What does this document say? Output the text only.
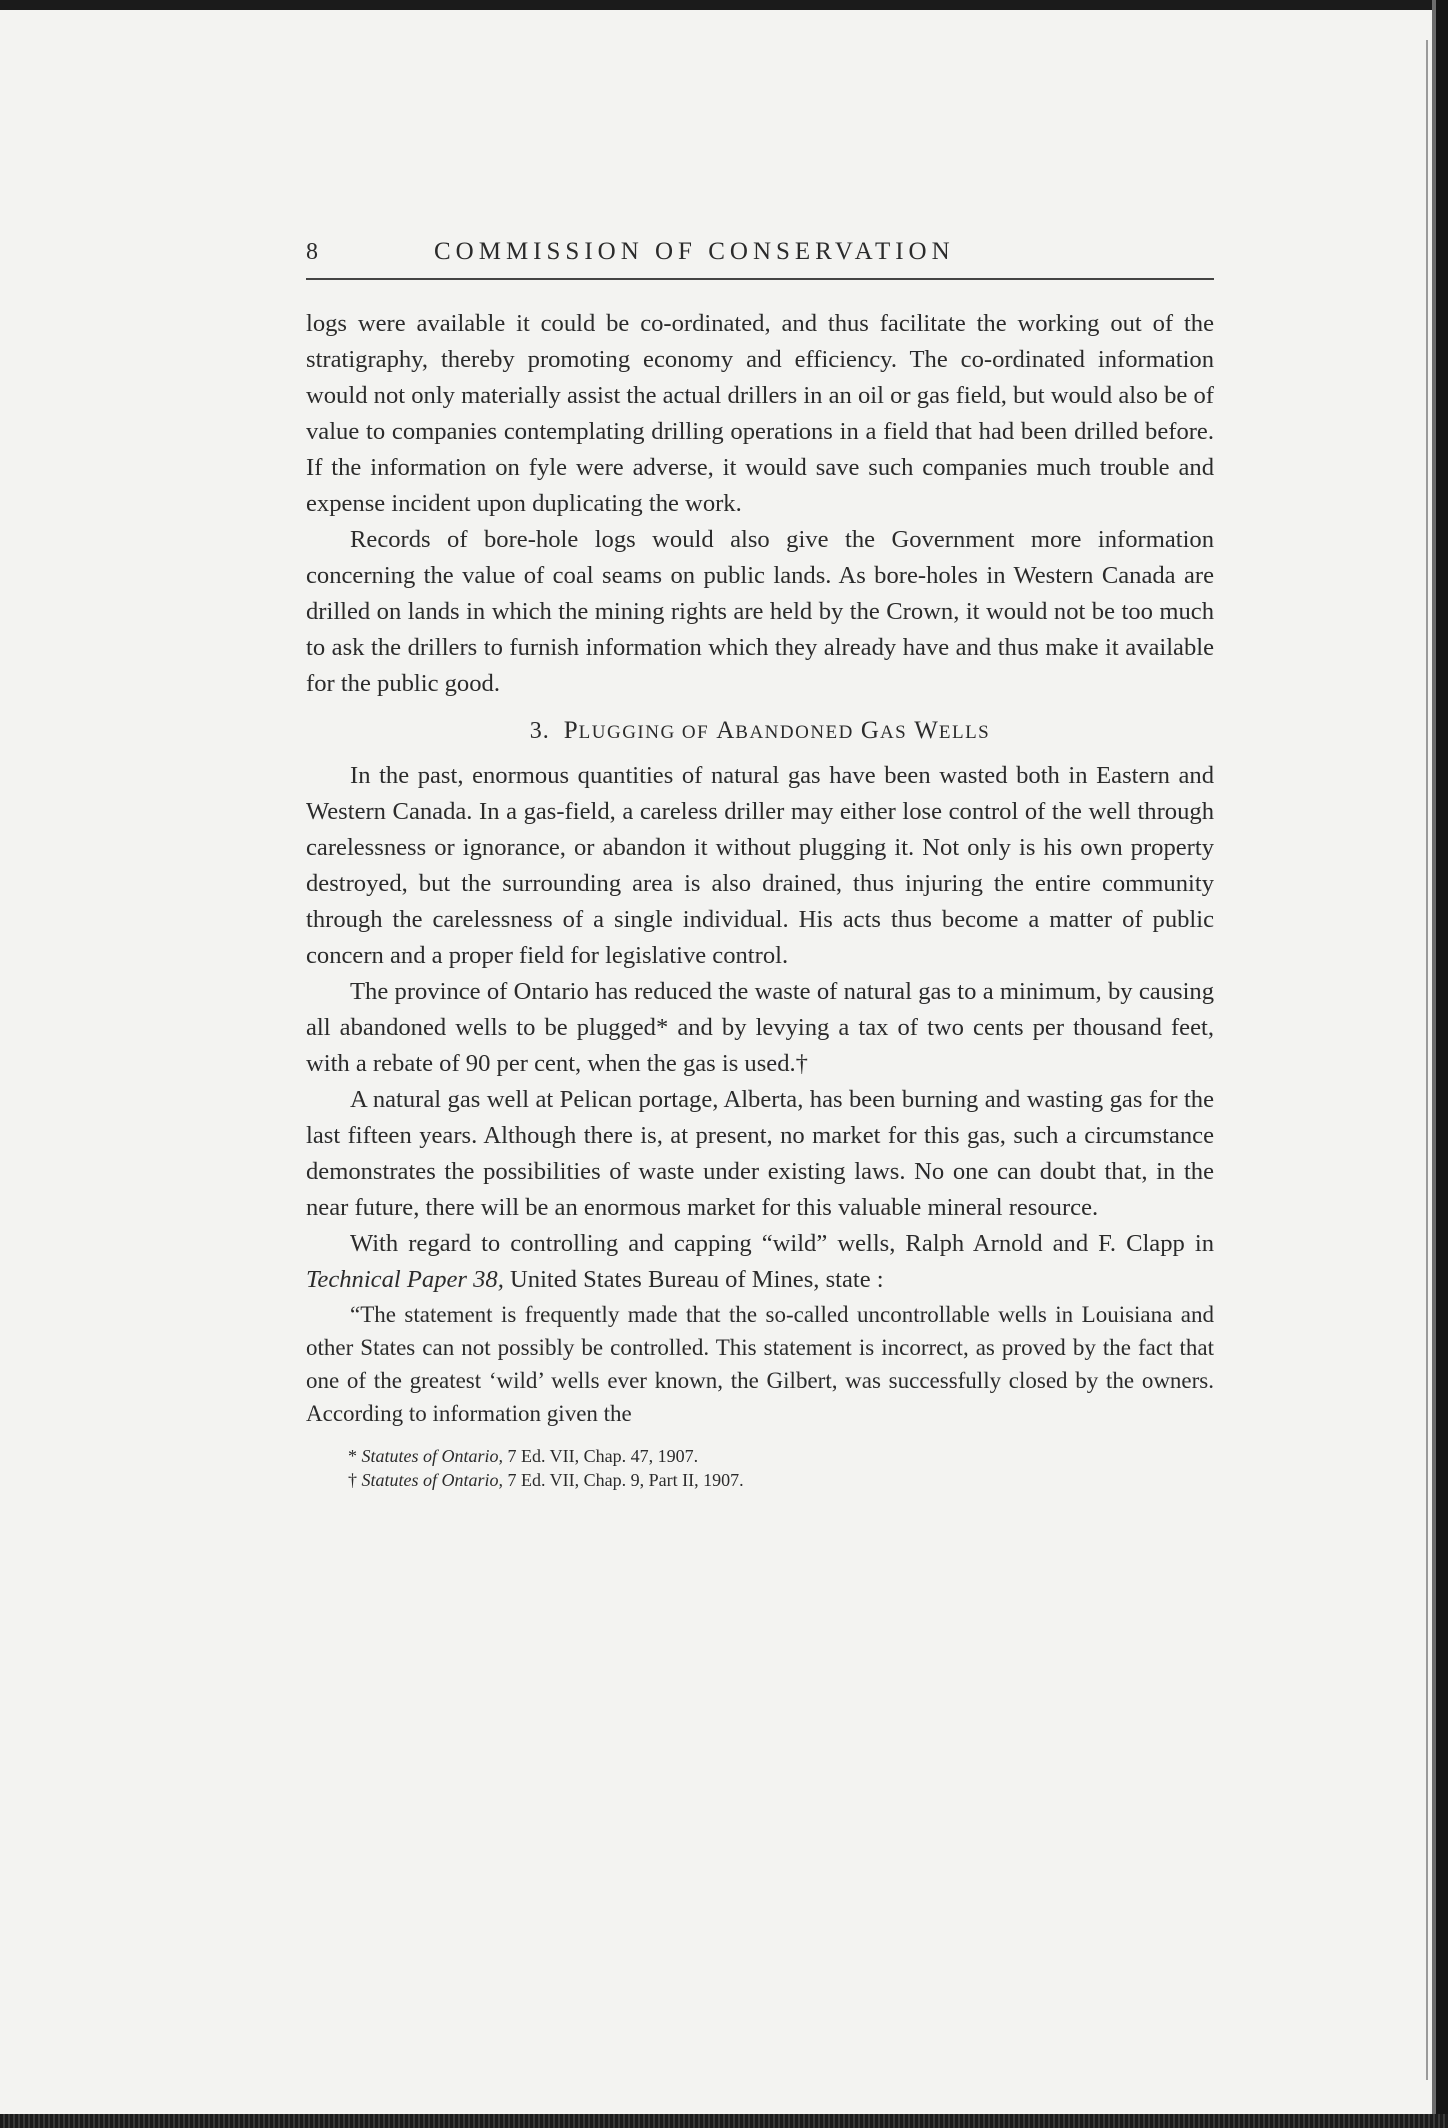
8	COMMISSION OF CONSERVATION

logs were available it could be co-ordinated, and thus facilitate the working out of the stratigraphy, thereby promoting economy and efficiency. The co-ordinated information would not only materially assist the actual drillers in an oil or gas field, but would also be of value to companies contemplating drilling operations in a field that had been drilled before. If the information on fyle were adverse, it would save such companies much trouble and expense incident upon duplicating the work.

Records of bore-hole logs would also give the Government more information concerning the value of coal seams on public lands. As bore-holes in Western Canada are drilled on lands in which the mining rights are held by the Crown, it would not be too much to ask the drillers to furnish information which they already have and thus make it available for the public good.

3. PLUGGING OF ABANDONED GAS WELLS

In the past, enormous quantities of natural gas have been wasted both in Eastern and Western Canada. In a gas-field, a careless driller may either lose control of the well through carelessness or ignorance, or abandon it without plugging it. Not only is his own property destroyed, but the surrounding area is also drained, thus injuring the entire community through the carelessness of a single individual. His acts thus become a matter of public concern and a proper field for legislative control.

The province of Ontario has reduced the waste of natural gas to a minimum, by causing all abandoned wells to be plugged* and by levying a tax of two cents per thousand feet, with a rebate of 90 per cent, when the gas is used.†

A natural gas well at Pelican portage, Alberta, has been burning and wasting gas for the last fifteen years. Although there is, at present, no market for this gas, such a circumstance demonstrates the possibilities of waste under existing laws. No one can doubt that, in the near future, there will be an enormous market for this valuable mineral resource.

With regard to controlling and capping “wild” wells, Ralph Arnold and F. Clapp in Technical Paper 38, United States Bureau of Mines, state :

“The statement is frequently made that the so-called uncontrollable wells in Louisiana and other States can not possibly be controlled. This statement is incorrect, as proved by the fact that one of the greatest ‘wild’ wells ever known, the Gilbert, was successfully closed by the owners. According to information given the

* Statutes of Ontario, 7 Ed. VII, Chap. 47, 1907.

† Statutes of Ontario, 7 Ed. VII, Chap. 9, Part II, 1907.
